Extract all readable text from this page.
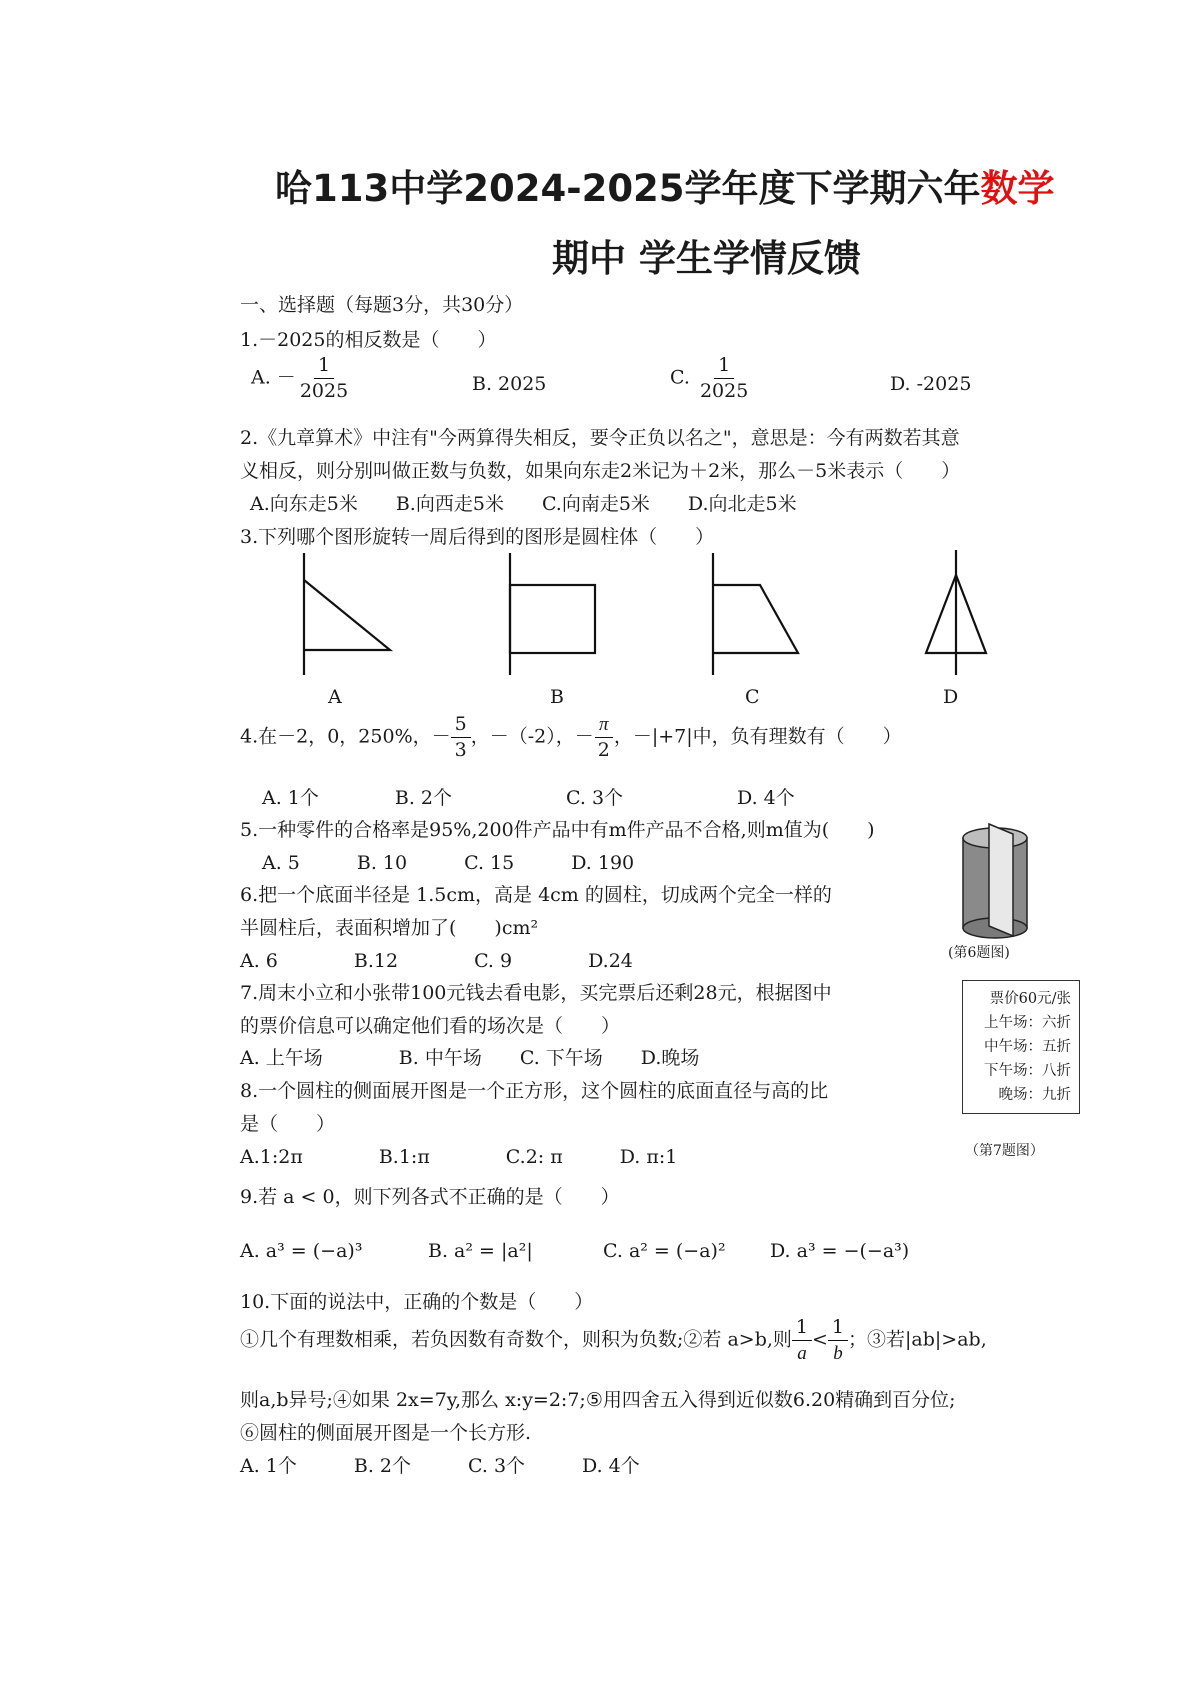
哈113中学2024-2025学年度下学期六年数学
期中 学生学情反馈
一、选择题（每题3分，共30分）
1.－2025的相反数是（　　）
A. － $\frac{1}{2025}$	B. 2025	C. $\frac{1}{2025}$	D. -2025
2.《九章算术》中注有"今两算得失相反，要令正负以名之"，意思是：今有两数若其意
义相反，则分别叫做正数与负数，如果向东走2米记为＋2米，那么－5米表示（　　）
A.向东走5米　　B.向西走5米　　C.向南走5米　　D.向北走5米
3.下列哪个图形旋转一周后得到的图形是圆柱体（　　）
A	B	C	D
4.在－2，0，250%，－ $\frac{5}{3}$ ，－（-2），－ $\frac{\pi}{2}$ ，－|+7|中，负有理数有（　　）
A. 1个　　　　B. 2个　　　　　　C. 3个　　　　　　D. 4个
5.一种零件的合格率是95%,200件产品中有m件产品不合格,则m值为(　　)
A. 5　　　B. 10　　　C. 15　　　D. 190
(第6题图)
6.把一个底面半径是 1.5cm，高是 4cm 的圆柱，切成两个完全一样的
半圆柱后，表面积增加了(　　)cm²
A. 6　　　　B.12　　　　C. 9　　　　D.24
票价60元/张
上午场：六折
中午场：五折
下午场：八折
晚场：九折
（第7题图）
7.周末小立和小张带100元钱去看电影，买完票后还剩28元，根据图中
的票价信息可以确定他们看的场次是（　　）
A. 上午场　　　　B. 中午场　　C. 下午场　　D.晚场
8.一个圆柱的侧面展开图是一个正方形，这个圆柱的底面直径与高的比
是（　　）
A.1:2π　　　　B.1:π　　　　C.2: π　　　D. π:1
9.若 a < 0，则下列各式不正确的是（　　）
A. a³ = (−a)³	B. a² = |a²|	C. a² = (−a)² D. a³ = −(−a³)
10.下面的说法中，正确的个数是（　　）
①几个有理数相乘，若负因数有奇数个，则积为负数;②若 a>b,则 $\frac{1}{a} < \frac{1}{b}$ ；③若|ab|>ab,
则a,b异号;④如果 2x=7y,那么 x:y=2:7;⑤用四舍五入得到近似数6.20精确到百分位;
⑥圆柱的侧面展开图是一个长方形.
A. 1个　　　B. 2个　　　C. 3个　　　D. 4个
